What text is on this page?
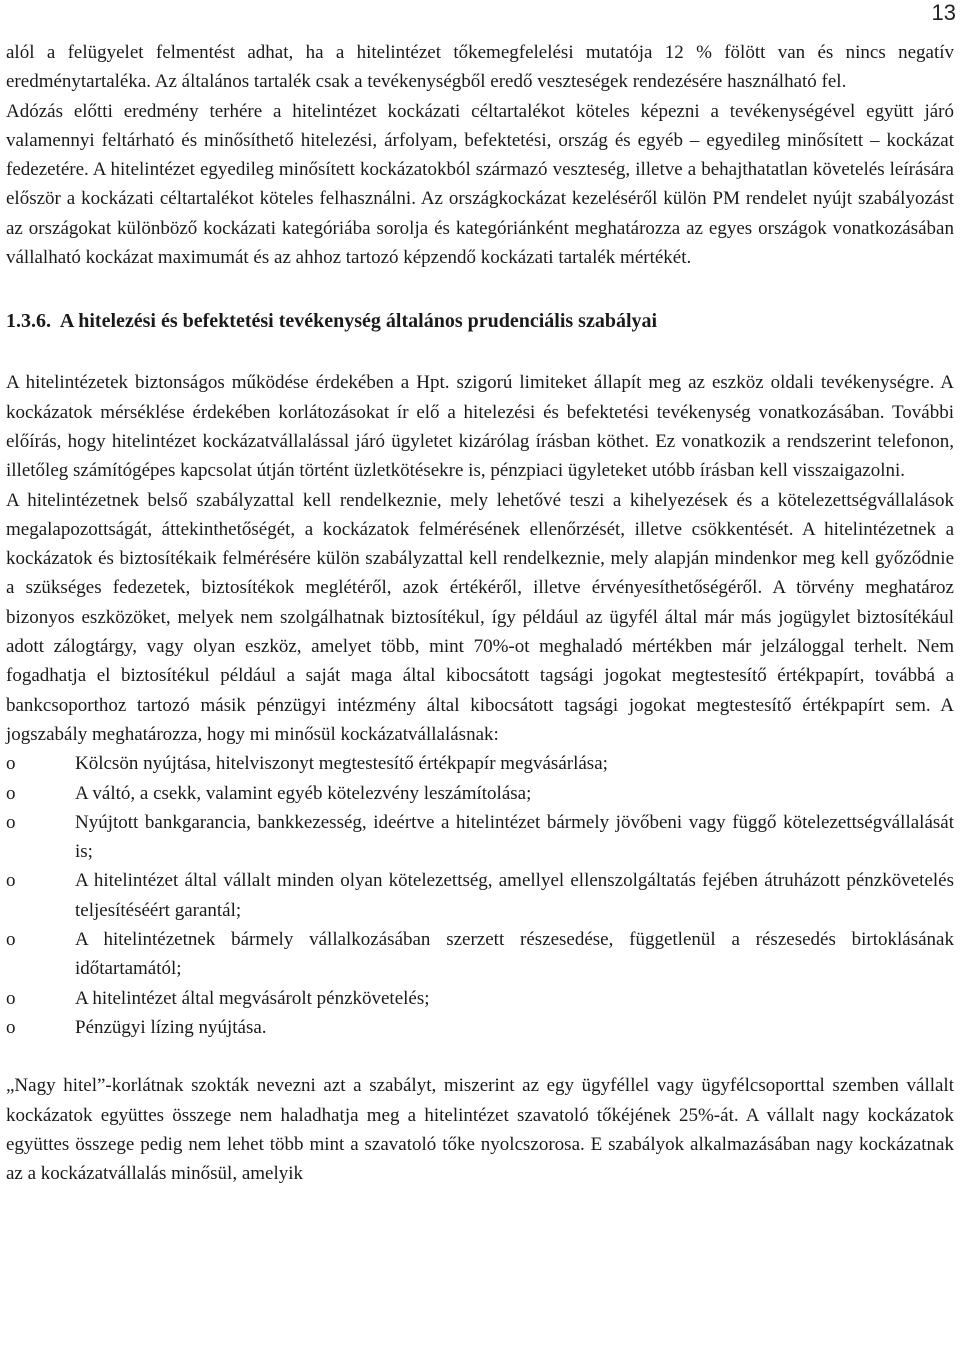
13

alól a felügyelet felmentést adhat, ha a hitelintézet tőkemegfelelési mutatója 12 % fölött van és nincs negatív eredménytartaléka. Az általános tartalék csak a tevékenységből eredő veszteségek rendezésére használható fel.

Adózás előtti eredmény terhére a hitelintézet kockázati céltartalékot köteles képezni a tevékenységével együtt járó valamennyi feltárható és minősíthető hitelezési, árfolyam, befektetési, ország és egyéb – egyedileg minősített – kockázat fedezetére. A hitelintézet egyedileg minősített kockázatokból származó veszteség, illetve a behajthatatlan követelés leírására először a kockázati céltartalékot köteles felhasználni. Az országkockázat kezeléséről külön PM rendelet nyújt szabályozást az országokat különböző kockázati kategóriába sorolja és kategóriánként meghatározza az egyes országok vonatkozásában vállalható kockázat maximumát és az ahhoz tartozó képzendő kockázati tartalék mértékét.

1.3.6. A hitelezési és befektetési tevékenység általános prudenciális szabályai

A hitelintézetek biztonságos működése érdekében a Hpt. szigorú limiteket állapít meg az eszköz oldali tevékenységre. A kockázatok mérséklése érdekében korlátozásokat ír elő a hitelezési és befektetési tevékenység vonatkozásában. További előírás, hogy hitelintézet kockázatvállalással járó ügyletet kizárólag írásban köthet. Ez vonatkozik a rendszerint telefonon, illetőleg számítógépes kapcsolat útján történt üzletkötésekre is, pénzpiaci ügyleteket utóbb írásban kell visszaigazolni.

A hitelintézetnek belső szabályzattal kell rendelkeznie, mely lehetővé teszi a kihelyezések és a kötelezettségvállalások megalapozottságát, áttekinthetőségét, a kockázatok felmérésének ellenőrzését, illetve csökkentését. A hitelintézetnek a kockázatok és biztosítékaik felmérésére külön szabályzattal kell rendelkeznie, mely alapján mindenkor meg kell győződnie a szükséges fedezetek, biztosítékok meglétéről, azok értékéről, illetve érvényesíthetőségéről. A törvény meghatároz bizonyos eszközöket, melyek nem szolgálhatnak biztosítékul, így például az ügyfél által már más jogügylet biztosítékául adott zálogtárgy, vagy olyan eszköz, amelyet több, mint 70%-ot meghaladó mértékben már jelzáloggal terhelt. Nem fogadhatja el biztosítékul például a saját maga által kibocsátott tagsági jogokat megtestesítő értékpapírt, továbbá a bankcsoporthoz tartozó másik pénzügyi intézmény által kibocsátott tagsági jogokat megtestesítő értékpapírt sem. A jogszabály meghatározza, hogy mi minősül kockázatvállalásnak:

o	Kölcsön nyújtása, hitelviszonyt megtestesítő értékpapír megvásárlása;
o	A váltó, a csekk, valamint egyéb kötelezvény leszámítolása;
o	Nyújtott bankgarancia, bankkezesség, ideértve a hitelintézet bármely jövőbeni vagy függő kötelezettségvállalását is;
o	A hitelintézet által vállalt minden olyan kötelezettség, amellyel ellenszolgáltatás fejében átruházott pénzkövetelés teljesítéséért garantál;
o	A hitelintézetnek bármely vállalkozásában szerzett részesedése, függetlenül a részesedés birtoklásának időtartamától;
o	A hitelintézet által megvásárolt pénzkövetelés;
o	Pénzügyi lízing nyújtása.

„Nagy hitel”-korlátnak szokták nevezni azt a szabályt, miszerint az egy ügyféllel vagy ügyfélcsoporttal szemben vállalt kockázatok együttes összege nem haladhatja meg a hitelintézet szavatoló tőkéjének 25%-át. A vállalt nagy kockázatok együttes összege pedig nem lehet több mint a szavatoló tőke nyolcszorosa. E szabályok alkalmazásában nagy kockázatnak az a kockázatvállalás minősül, amelyik
